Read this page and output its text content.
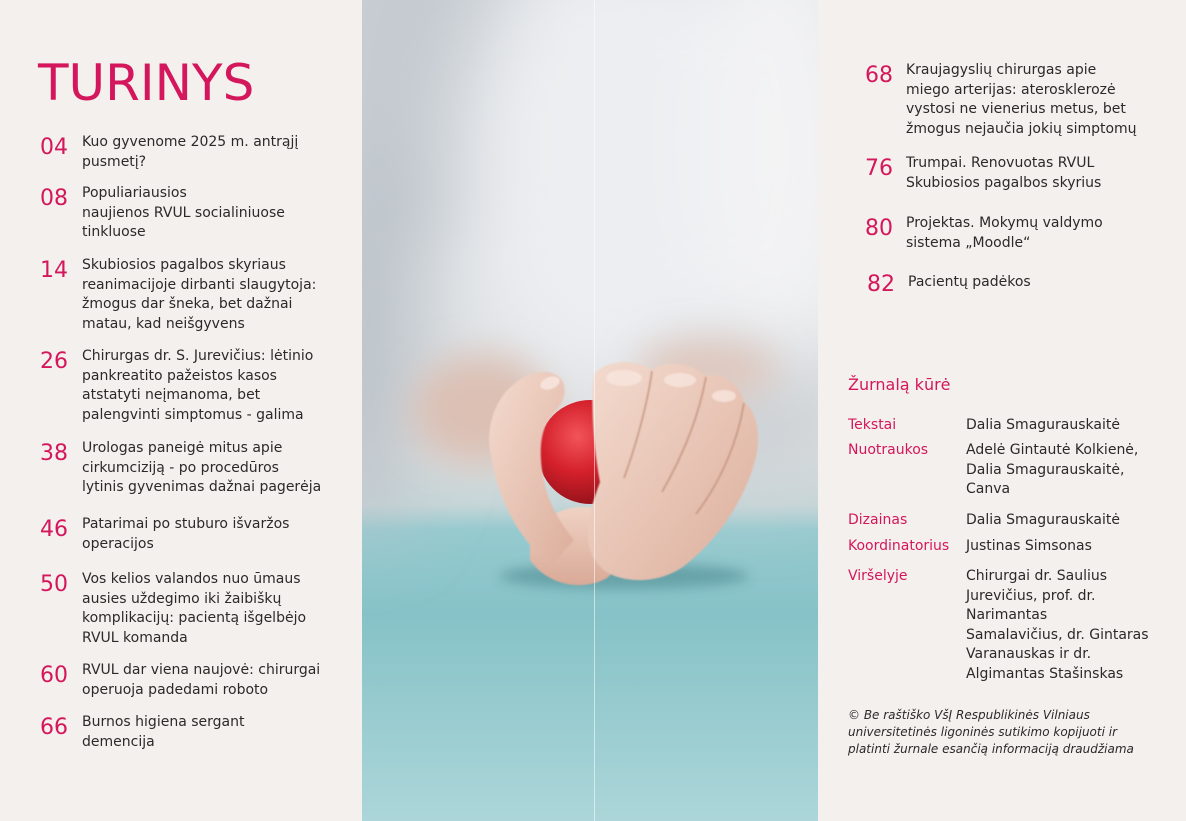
TURINYS
04 Kuo gyvenome 2025 m. antrąjį
pusmetį?
08 Populiariausios
naujienos RVUL socialiniuose
tinkluose
14 Skubiosios pagalbos skyriaus
reanimacijoje dirbanti slaugytoja:
žmogus dar šneka, bet dažnai
matau, kad neišgyvens
26 Chirurgas dr. S. Jurevičius: lėtinio
pankreatito pažeistos kasos
atstatyti neįmanoma, bet
palengvinti simptomus - galima
38 Urologas paneigė mitus apie
cirkumciziją - po procedūros
lytinis gyvenimas dažnai pagerėja
46 Patarimai po stuburo išvaržos
operacijos
50 Vos kelios valandos nuo ūmaus
ausies uždegimo iki žaibiškų
komplikacijų: pacientą išgelbėjo
RVUL komanda
60 RVUL dar viena naujovė: chirurgai
operuoja padedami roboto
66 Burnos higiena sergant
demencija
68 Kraujagyslių chirurgas apie
miego arterijas: aterosklerozė
vystosi ne vienerius metus, bet
žmogus nejaučia jokių simptomų
76 Trumpai. Renovuotas RVUL
Skubiosios pagalbos skyrius
80 Projektas. Mokymų valdymo
sistema „Moodle“
82 Pacientų padėkos
Žurnalą kūrė
Tekstai	Dalia Smagurauskaitė
Nuotraukos	Adelė Gintautė Kolkienė,
Dalia Smagurauskaitė,
Canva
Dizainas	Dalia Smagurauskaitė
Koordinatorius Justinas Simsonas
Viršelyje	Chirurgai dr. Saulius
Jurevičius, prof. dr.
Narimantas
Samalavičius, dr. Gintaras
Varanauskas ir dr.
Algimantas Stašinskas
© Be raštiško VšĮ Respublikinės Vilniaus
universitetinės ligoninės sutikimo kopijuoti ir
platinti žurnale esančią informaciją draudžiama
